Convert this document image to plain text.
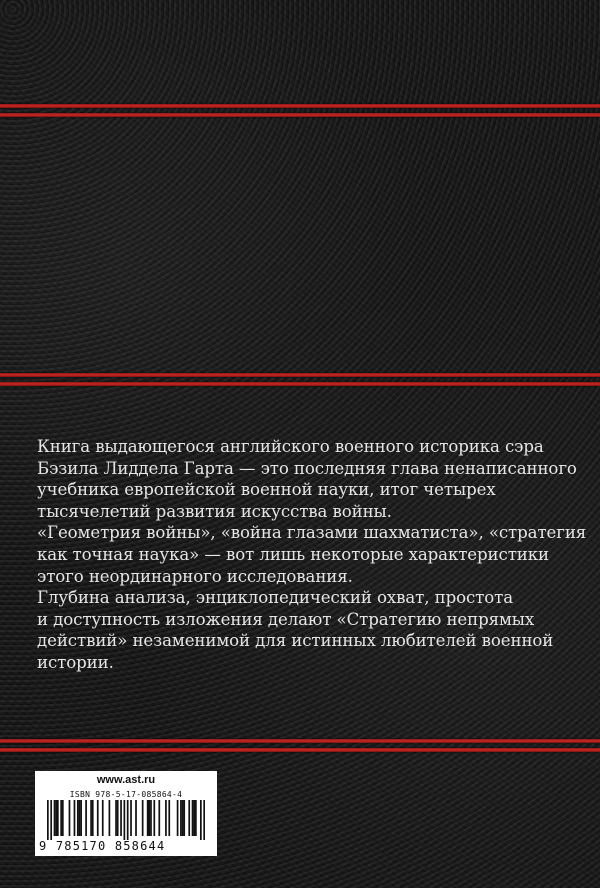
Книга выдающегося английского военного историка сэра
Бэзила Лиддела Гарта — это последняя глава ненаписанного
учебника европейской военной науки, итог четырех
тысячелетий развития искусства войны.
«Геометрия войны», «война глазами шахматиста», «стратегия
как точная наука» — вот лишь некоторые характеристики
этого неординарного исследования.
Глубина анализа, энциклопедический охват, простота
и доступность изложения делают «Стратегию непрямых
действий» незаменимой для истинных любителей военной
истории.

www.ast.ru
ISBN 978-5-17-085864-4
9 785170 858644
